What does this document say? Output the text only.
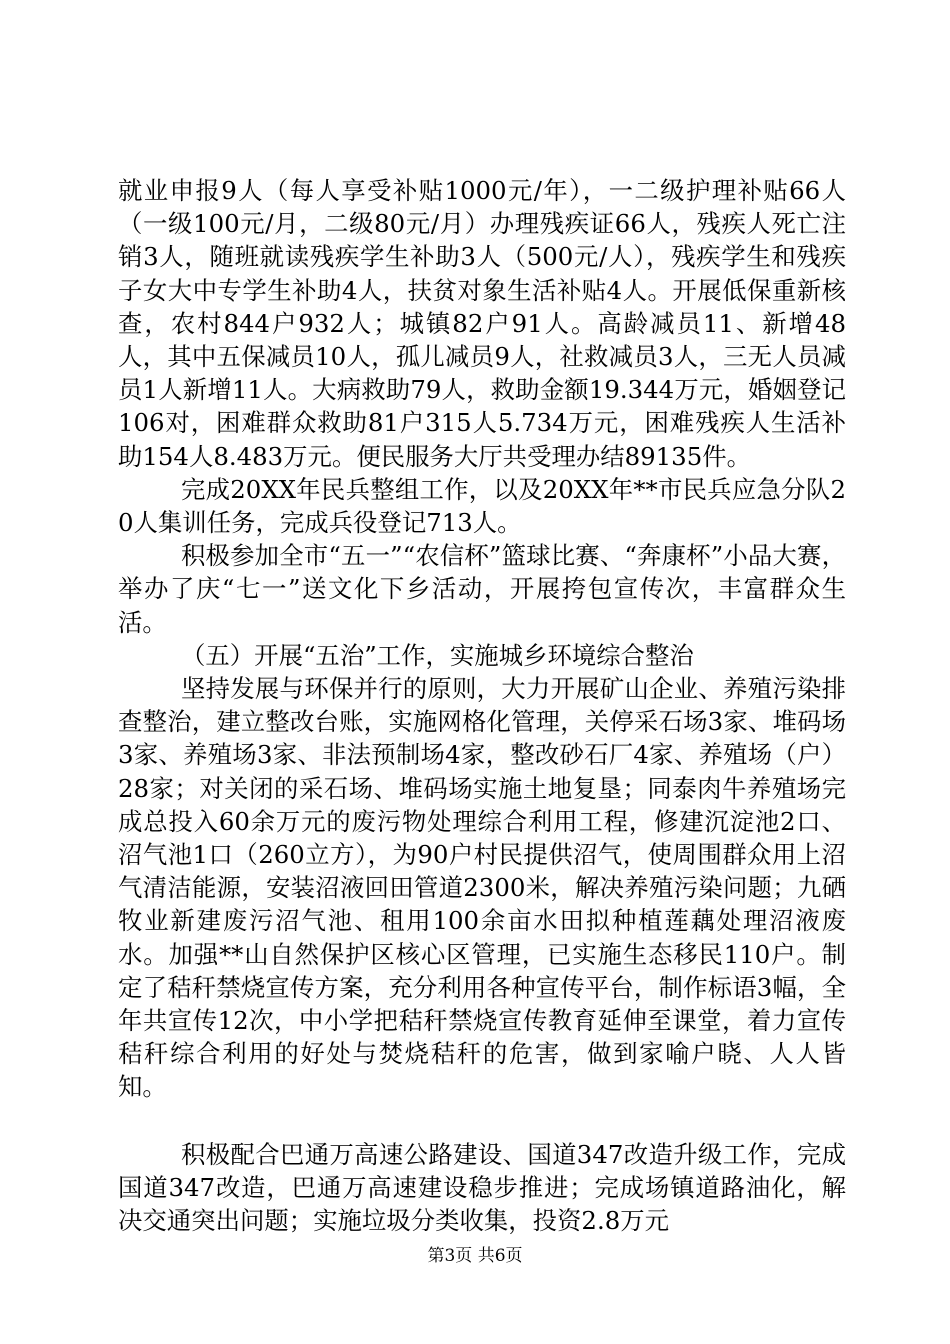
就业申报9人（每人享受补贴1000元/年），一二级护理补贴66人（一级100元/月，二级80元/月）办理残疾证66人，残疾人死亡注销3人，随班就读残疾学生补助3人（500元/人），残疾学生和残疾子女大中专学生补助4人，扶贫对象生活补贴4人。开展低保重新核查，农村844户932人；城镇82户91人。高龄减员11、新增48人，其中五保减员10人，孤儿减员9人，社救减员3人，三无人员减员1人新增11人。大病救助79人，救助金额19.344万元，婚姻登记106对，困难群众救助81户315人5.734万元，困难残疾人生活补助154人8.483万元。便民服务大厅共受理办结89135件。

完成20XX年民兵整组工作，以及20XX年**市民兵应急分队20人集训任务，完成兵役登记713人。

积极参加全市“五一”“农信杯”篮球比赛、“奔康杯”小品大赛，举办了庆“七一”送文化下乡活动，开展挎包宣传次，丰富群众生活。

（五）开展“五治”工作，实施城乡环境综合整治

坚持发展与环保并行的原则，大力开展矿山企业、养殖污染排查整治，建立整改台账，实施网格化管理，关停采石场3家、堆码场3家、养殖场3家、非法预制场4家，整改砂石厂4家、养殖场（户）28家；对关闭的采石场、堆码场实施土地复垦；同泰肉牛养殖场完成总投入60余万元的废污物处理综合利用工程，修建沉淀池2口、沼气池1口（260立方），为90户村民提供沼气，使周围群众用上沼气清洁能源，安装沼液回田管道2300米，解决养殖污染问题；九硒牧业新建废污沼气池、租用100余亩水田拟种植莲藕处理沼液废水。加强**山自然保护区核心区管理，已实施生态移民110户。制定了秸秆禁烧宣传方案，充分利用各种宣传平台，制作标语3幅，全年共宣传12次，中小学把秸秆禁烧宣传教育延伸至课堂，着力宣传秸秆综合利用的好处与焚烧秸秆的危害，做到家喻户晓、人人皆知。

积极配合巴通万高速公路建设、国道347改造升级工作，完成国道347改造，巴通万高速建设稳步推进；完成场镇道路油化，解决交通突出问题；实施垃圾分类收集，投资2.8万元

第3页 共6页
